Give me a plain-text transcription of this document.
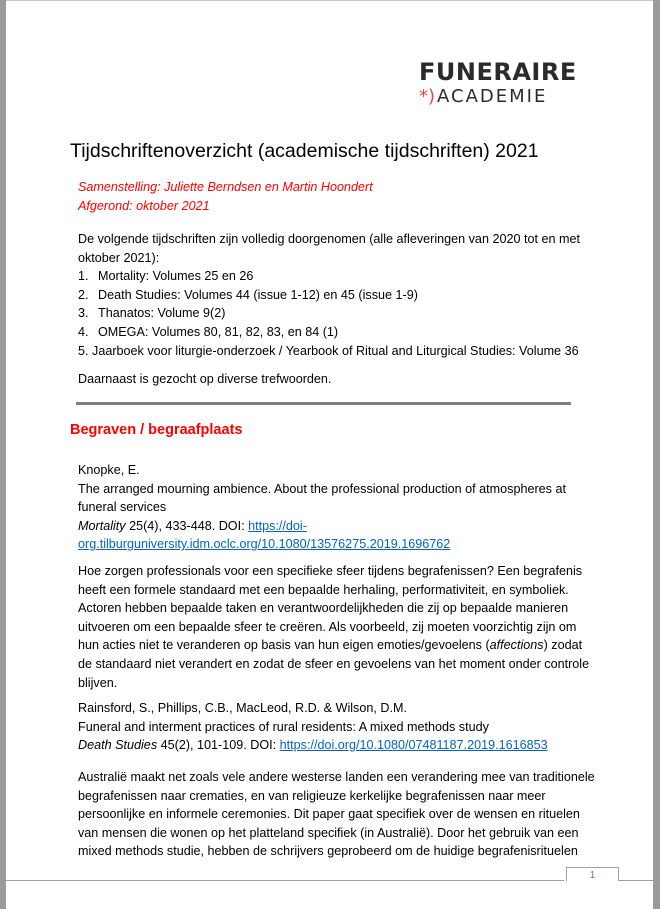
FUNERAIRE
*) ACADEMIE
Tijdschriftenoverzicht (academische tijdschriften) 2021
Samenstelling: Juliette Berndsen en Martin Hoondert
Afgerond: oktober 2021
De volgende tijdschriften zijn volledig doorgenomen (alle afleveringen van 2020 tot en met
oktober 2021):
1. Mortality: Volumes 25 en 26
2. Death Studies: Volumes 44 (issue 1-12) en 45 (issue 1-9)
3. Thanatos: Volume 9(2)
4. OMEGA: Volumes 80, 81, 82, 83, en 84 (1)
5. Jaarboek voor liturgie-onderzoek / Yearbook of Ritual and Liturgical Studies: Volume 36
Daarnaast is gezocht op diverse trefwoorden.
Begraven / begraafplaats
Knopke, E.
The arranged mourning ambience. About the professional production of atmospheres at
funeral services
Mortality 25(4), 433-448. DOI: https://doi-
org.tilburguniversity.idm.oclc.org/10.1080/13576275.2019.1696762
Hoe zorgen professionals voor een specifieke sfeer tijdens begrafenissen? Een begrafenis
heeft een formele standaard met een bepaalde herhaling, performativiteit, en symboliek.
Actoren hebben bepaalde taken en verantwoordelijkheden die zij op bepaalde manieren
uitvoeren om een bepaalde sfeer te creëren. Als voorbeeld, zij moeten voorzichtig zijn om
hun acties niet te veranderen op basis van hun eigen emoties/gevoelens (affections) zodat
de standaard niet verandert en zodat de sfeer en gevoelens van het moment onder controle
blijven.
Rainsford, S., Phillips, C.B., MacLeod, R.D. & Wilson, D.M.
Funeral and interment practices of rural residents: A mixed methods study
Death Studies 45(2), 101-109. DOI: https://doi.org/10.1080/07481187.2019.1616853
Australië maakt net zoals vele andere westerse landen een verandering mee van traditionele
begrafenissen naar crematies, en van religieuze kerkelijke begrafenissen naar meer
persoonlijke en informele ceremonies. Dit paper gaat specifiek over de wensen en rituelen
van mensen die wonen op het platteland specifiek (in Australië). Door het gebruik van een
mixed methods studie, hebben de schrijvers geprobeerd om de huidige begrafenisrituelen
1
